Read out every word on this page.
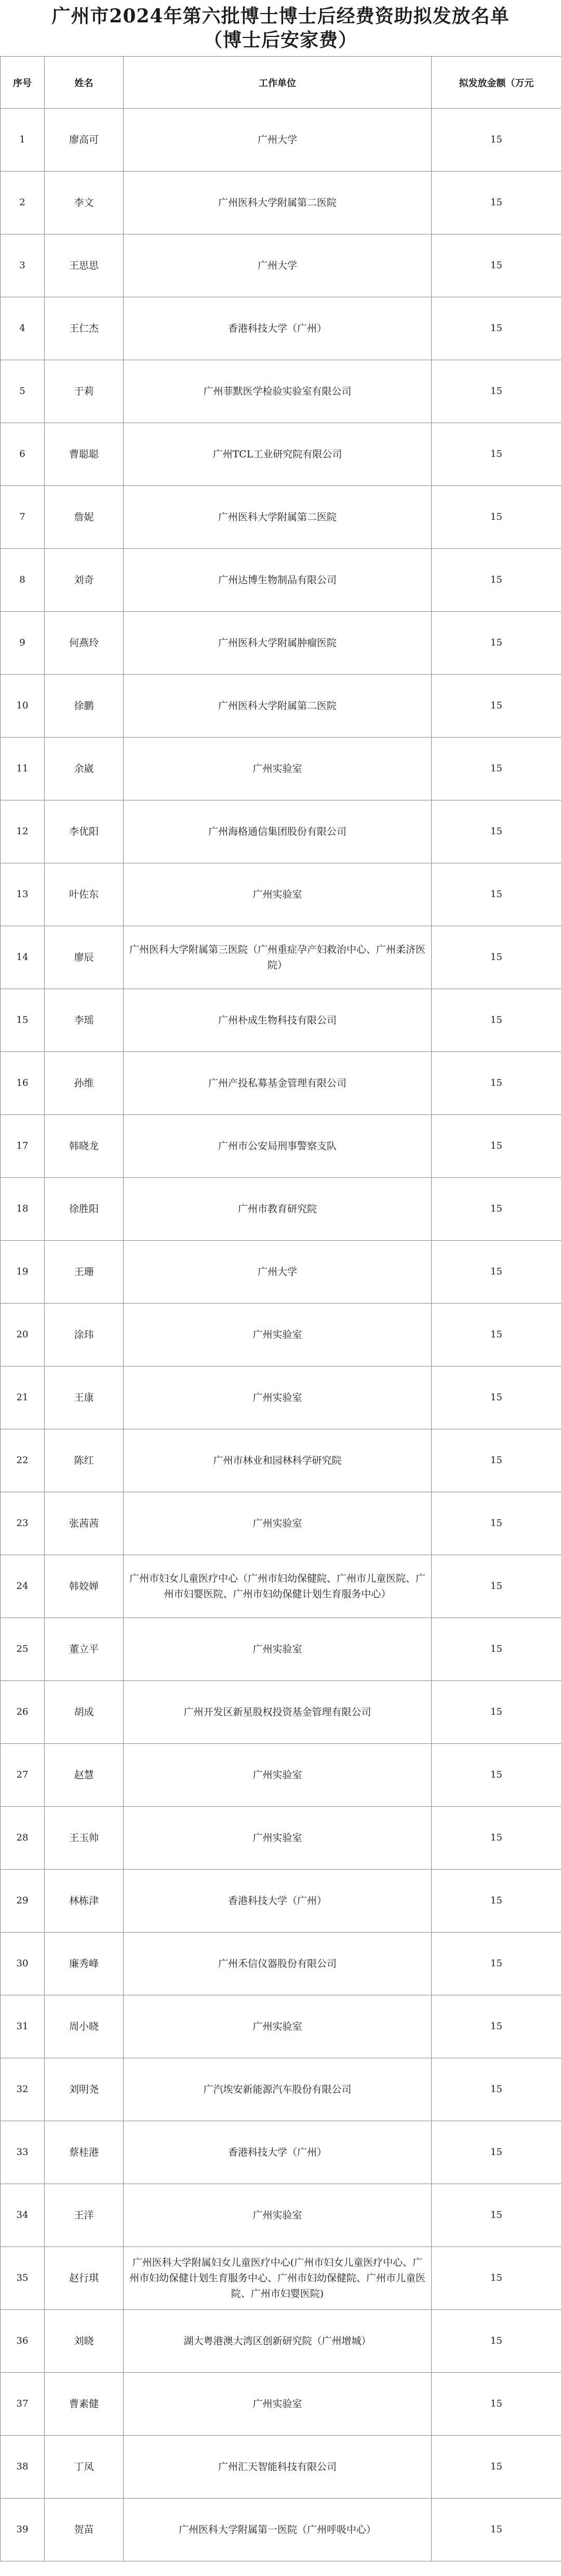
广州市2024年第六批博士博士后经费资助拟发放名单
（博士后安家费）
序号	姓名	工作单位	拟发放金额（万元
1	廖高可	广州大学	15
2	李文	广州医科大学附属第二医院	15
3	王思思	广州大学	15
4	王仁杰	香港科技大学（广州）	15
5	于莉	广州菲默医学检验实验室有限公司	15
6	曹聪聪	广州TCL工业研究院有限公司	15
7	詹妮	广州医科大学附属第二医院	15
8	刘奇	广州达博生物制品有限公司	15
9	何燕玲	广州医科大学附属肿瘤医院	15
10	徐鹏	广州医科大学附属第二医院	15
11	余崴	广州实验室	15
12	李优阳	广州海格通信集团股份有限公司	15
13	叶佐东	广州实验室	15
14	廖辰	广州医科大学附属第三医院（广州重症孕产妇救治中心、广州柔济医院）	15
15	李瑶	广州朴成生物科技有限公司	15
16	孙维	广州产投私募基金管理有限公司	15
17	韩晓龙	广州市公安局刑事警察支队	15
18	徐胜阳	广州市教育研究院	15
19	王珊	广州大学	15
20	涂玮	广州实验室	15
21	王康	广州实验室	15
22	陈红	广州市林业和园林科学研究院	15
23	张茜茜	广州实验室	15
24	韩姣婵	广州市妇女儿童医疗中心（广州市妇幼保健院、广州市儿童医院、广州市妇婴医院、广州市妇幼保健计划生育服务中心）	15
25	董立平	广州实验室	15
26	胡成	广州开发区新星股权投资基金管理有限公司	15
27	赵慧	广州实验室	15
28	王玉帅	广州实验室	15
29	林栋津	香港科技大学（广州）	15
30	廉秀峰	广州禾信仪器股份有限公司	15
31	周小晓	广州实验室	15
32	刘明尧	广汽埃安新能源汽车股份有限公司	15
33	蔡桂港	香港科技大学（广州）	15
34	王洋	广州实验室	15
35	赵行琪	广州医科大学附属妇女儿童医疗中心(广州市妇女儿童医疗中心、广州市妇幼保健计划生育服务中心、广州市妇幼保健院、广州市儿童医院、广州市妇婴医院)	15
36	刘晓	湖大粤港澳大湾区创新研究院（广州增城）	15
37	曹素健	广州实验室	15
38	丁凤	广州汇天智能科技有限公司	15
39	贺苗	广州医科大学附属第一医院（广州呼吸中心）	15
